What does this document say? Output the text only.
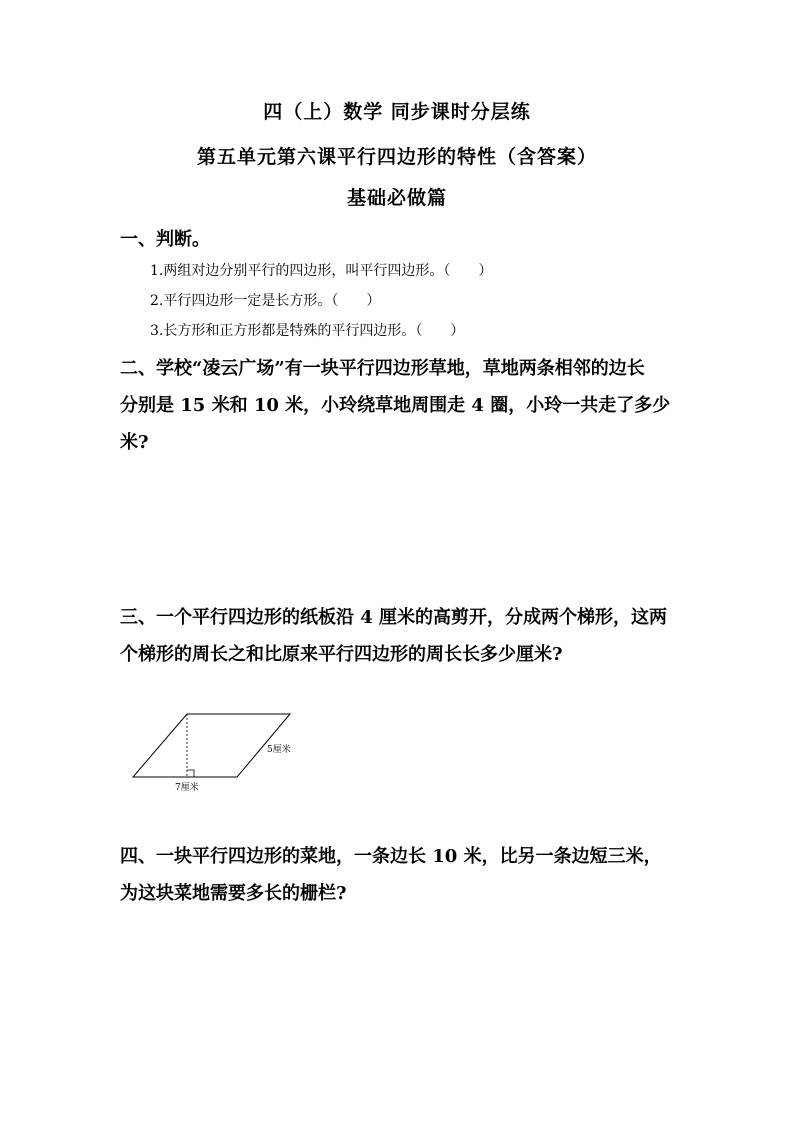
四（上）数学 同步课时分层练
第五单元第六课平行四边形的特性（含答案）
基础必做篇
一、判断。
1.两组对边分别平行的四边形，叫平行四边形。（　　）
2.平行四边形一定是长方形。（　　）
3.长方形和正方形都是特殊的平行四边形。（　　）
二、学校“凌云广场”有一块平行四边形草地，草地两条相邻的边长
分别是 15 米和 10 米，小玲绕草地周围走 4 圈，小玲一共走了多少
米?
三、一个平行四边形的纸板沿 4 厘米的高剪开，分成两个梯形，这两
个梯形的周长之和比原来平行四边形的周长长多少厘米?
5厘米
7厘米
四、一块平行四边形的菜地，一条边长 10 米，比另一条边短三米，
为这块菜地需要多长的栅栏?
